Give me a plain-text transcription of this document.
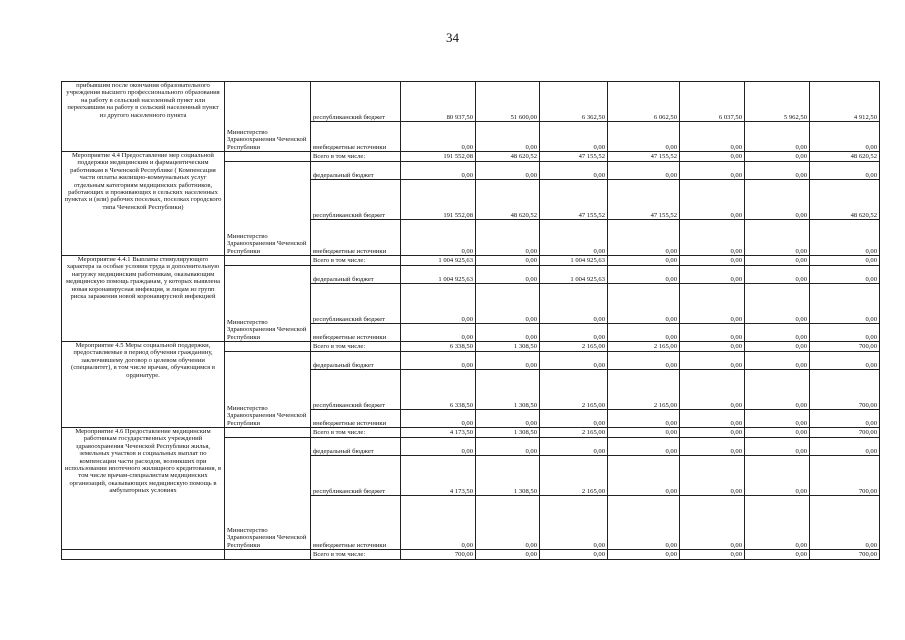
34
прибывшим после окончания образовательного учреждения высшего профессионального образования на работу в сельский населенный пункт или переехавшим на работу в сельский населенный пункт из другого населенного пункта	Министерство Здравоохранения Чеченской Республики	республиканский бюджет	80 937,50	51 600,00	6 362,50	6 062,50	6 037,50	5 962,50	4 912,50
		внебюджетные источники	0,00	0,00	0,00	0,00	0,00	0,00	0,00
Мероприятие 4.4 Предоставление мер социальной поддержки медицинским и фармацевтическим работникам в Чеченской Республике ( Компенсация части оплаты жилищно-коммунальных услуг отдельным категориям медицинских работников, работающих и проживающих в сельских населенных пунктах и (или) рабочих поселках, поселках городского типа Чеченской Республики)		Всего в том числе:	191 552,08	48 620,52	47 155,52	47 155,52	0,00	0,00	48 620,52
	Министерство Здравоохранения Чеченской Республики	федеральный бюджет	0,00	0,00	0,00	0,00	0,00	0,00	0,00
		республиканский бюджет	191 552,08	48 620,52	47 155,52	47 155,52	0,00	0,00	48 620,52
		внебюджетные источники	0,00	0,00	0,00	0,00	0,00	0,00	0,00
Мероприятие 4.4.1 Выплаты стимулирующего характера за особые условия труда и дополнительную нагрузку медицинским работникам, оказывающим медицинскую помощь гражданам, у которых выявлена новая коронавирусная инфекция, и лицам из групп риска заражения новой коронавирусной инфекцией		Всего в том числе:	1 004 925,63	0,00	1 004 925,63	0,00	0,00	0,00	0,00
	Министерство Здравоохранения Чеченской Республики	федеральный бюджет	1 004 925,63	0,00	1 004 925,63	0,00	0,00	0,00	0,00
		республиканский бюджет	0,00	0,00	0,00	0,00	0,00	0,00	0,00
		внебюджетные источники	0,00	0,00	0,00	0,00	0,00	0,00	0,00
Мероприятие 4.5 Меры социальной поддержки, предоставляемые в период обучения гражданину, заключившему договор о целевом обучении (специалитет), в том числе врачам, обучающимся в ординатуре.		Всего в том числе:	6 338,50	1 308,50	2 165,00	2 165,00	0,00	0,00	700,00
	Министерство Здравоохранения Чеченской Республики	федеральный бюджет	0,00	0,00	0,00	0,00	0,00	0,00	0,00
		республиканский бюджет	6 338,50	1 308,50	2 165,00	2 165,00	0,00	0,00	700,00
		внебюджетные источники	0,00	0,00	0,00	0,00	0,00	0,00	0,00
Мероприятие 4.6 Предоставление медицинским работникам государственных учреждений здравоохранения Чеченской Республики жилья, земельных участков и социальных выплат по компенсации части расходов, возникших при использовании ипотечного жилищного кредитования, в том числе врачам-специалистам медицинских организаций, оказывающих медицинскую помощь в амбулаторных условиях		Всего в том числе:	4 173,50	1 308,50	2 165,00	0,00	0,00	0,00	700,00
	Министерство Здравоохранения Чеченской Республики	федеральный бюджет	0,00	0,00	0,00	0,00	0,00	0,00	0,00
		республиканский бюджет	4 173,50	1 308,50	2 165,00	0,00	0,00	0,00	700,00
		внебюджетные источники	0,00	0,00	0,00	0,00	0,00	0,00	0,00
		Всего в том числе:	700,00	0,00	0,00	0,00	0,00	0,00	700,00
